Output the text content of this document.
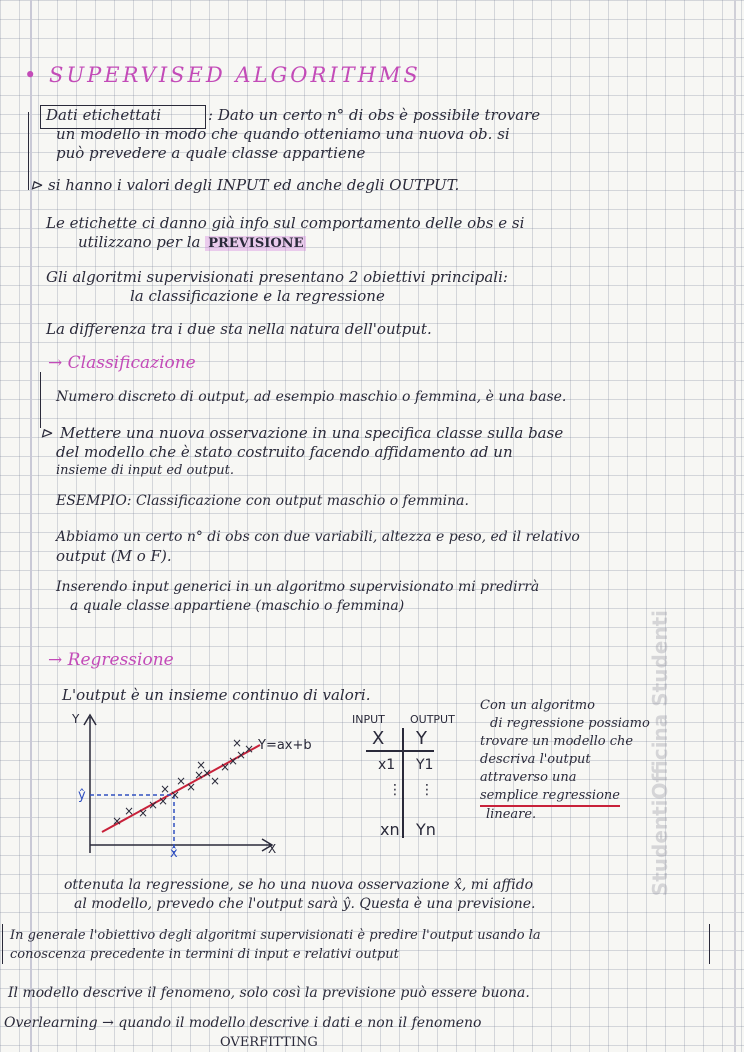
StudentiOfficina Studenti
• SUPERVISED ALGORITHMS
Dati etichettati	: Dato un certo n° di obs è possibile trovare
un modello in modo che quando otteniamo una nuova ob. si
può prevedere a quale classe appartiene
⊳ si hanno i valori degli INPUT ed anche degli OUTPUT.
Le etichette ci danno già info sul comportamento delle obs e si
utilizzano per la PREVISIONE
Gli algoritmi supervisionati presentano 2 obiettivi principali:
la classificazione e la regressione
La differenza tra i due sta nella natura dell'output.
→ Classificazione
Numero discreto di output, ad esempio maschio o femmina, è una base.
⊳ Mettere una nuova osservazione in una specifica classe sulla base
del modello che è stato costruito facendo affidamento ad un
insieme di input ed output.
ESEMPIO: Classificazione con output maschio o femmina.
Abbiamo un certo n° di obs con due variabili, altezza e peso, ed il relativo
output (M o F).
Inserendo input generici in un algoritmo supervisionato mi predirrà
a quale classe appartiene (maschio o femmina)
→ Regressione
L'output è un insieme continuo di valori.
×
× ×
× × ×
× ×
×
×
×
×
×
×
×
×
×
×
Y=ax+b
Y
X
ŷ
x̂
INPUT OUTPUT
X Y
x1 Y1
⋮ ⋮
xn Yn
Con un algoritmo
di regressione possiamo
trovare un modello che
descriva l'output
attraverso una
semplice regressione
lineare.
ottenuta la regressione, se ho una nuova osservazione x̂, mi affido
al modello, prevedo che l'output sarà ŷ. Questa è una previsione.
In generale l'obiettivo degli algoritmi supervisionati è predire l'output usando la
conoscenza precedente in termini di input e relativi output
Il modello descrive il fenomeno, solo così la previsione può essere buona.
Overlearning → quando il modello descrive i dati e non il fenomeno
OVERFITTING
